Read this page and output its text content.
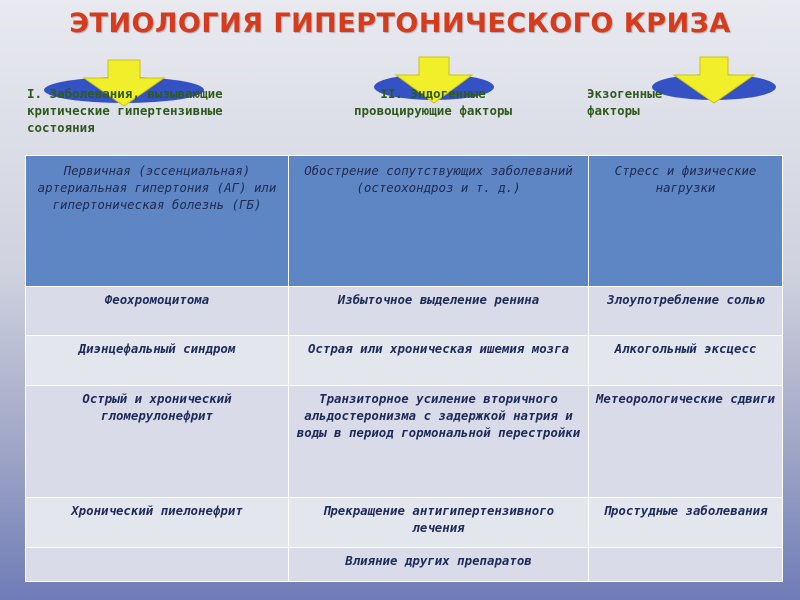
ЭТИОЛОГИЯ ГИПЕРТОНИЧЕСКОГО КРИЗА
I. Заболевания, вызывающие
критические гипертензивные
состояния
II. Эндогенные
провоцирующие факторы
Экзогенные
факторы
Первичная (эссенциальная) артериальная гипертония (АГ) или гипертоническая болезнь (ГБ)	Обострение сопутствующих заболеваний (остеохондроз и т. д.)	Стресс и физические нагрузки
Феохромоцитома	Избыточное выделение ренина	Злоупотребление солью
Диэнцефальный синдром	Острая или хроническая ишемия мозга	Алкогольный эксцесс
Острый и хронический гломерулонефрит	Транзиторное усиление вторичного альдостеронизма с задержкой натрия и воды в период гормональной перестройки	Метеорологические сдвиги
Хронический пиелонефрит	Прекращение антигипертензивного лечения	Простудные заболевания
	Влияние других препаратов	
